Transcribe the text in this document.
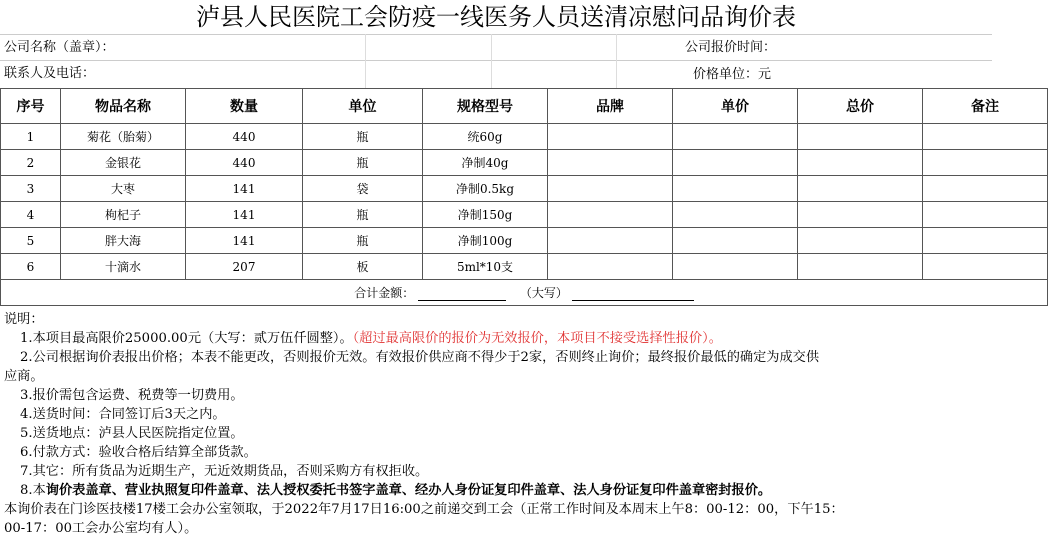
泸县人民医院工会防疫一线医务人员送清凉慰问品询价表
公司名称（盖章）：	公司报价时间：
联系人及电话：	价格单位：元
序号	物品名称	数量	单位	规格型号	品牌	单价	总价	备注
1	菊花（胎菊）	440	瓶	统60g				
2	金银花	440	瓶	净制40g				
3	大枣	141	袋	净制0.5kg				
4	枸杞子	141	瓶	净制150g				
5	胖大海	141	瓶	净制100g				
6	十滴水	207	板	5ml*10支				
合计金额： （大写）								
说明：
1.本项目最高限价25000.00元（大写：贰万伍仟圆整）。（超过最高限价的报价为无效报价，本项目不接受选择性报价）。
2.公司根据询价表报出价格；本表不能更改，否则报价无效。有效报价供应商不得少于2家，否则终止询价；最终报价最低的确定为成交供
应商。
3.报价需包含运费、税费等一切费用。
4.送货时间：合同签订后3天之内。
5.送货地点：泸县人民医院指定位置。
6.付款方式：验收合格后结算全部货款。
7.其它：所有货品为近期生产，无近效期货品，否则采购方有权拒收。
8.本询价表盖章、营业执照复印件盖章、法人授权委托书签字盖章、经办人身份证复印件盖章、法人身份证复印件盖章密封报价。
本询价表在门诊医技楼17楼工会办公室领取，于2022年7月17日16:00之前递交到工会（正常工作时间及本周末上午8：00-12：00，下午15：
00-17：00工会办公室均有人）。
